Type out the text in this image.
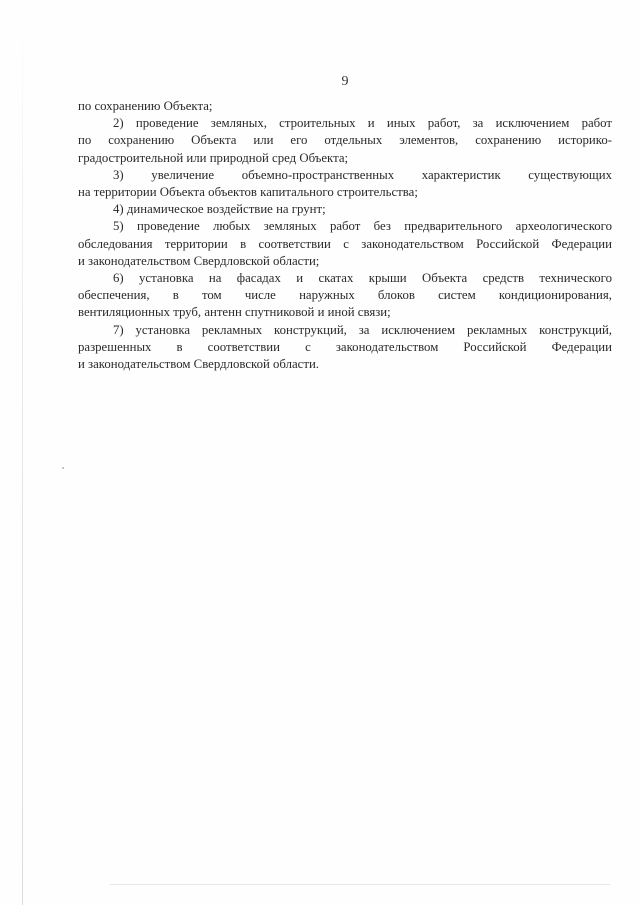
9
по сохранению Объекта;
2) проведение земляных, строительных и иных работ, за исключением работ
по сохранению Объекта или его отдельных элементов, сохранению историко-
градостроительной или природной сред Объекта;
3) увеличение объемно-пространственных характеристик существующих
на территории Объекта объектов капитального строительства;
4) динамическое воздействие на грунт;
5) проведение любых земляных работ без предварительного археологического
обследования территории в соответствии с законодательством Российской Федерации
и законодательством Свердловской области;
6) установка на фасадах и скатах крыши Объекта средств технического
обеспечения, в том числе наружных блоков систем кондиционирования,
вентиляционных труб, антенн спутниковой и иной связи;
7) установка рекламных конструкций, за исключением рекламных конструкций,
разрешенных в соответствии с законодательством Российской Федерации
и законодательством Свердловской области.
